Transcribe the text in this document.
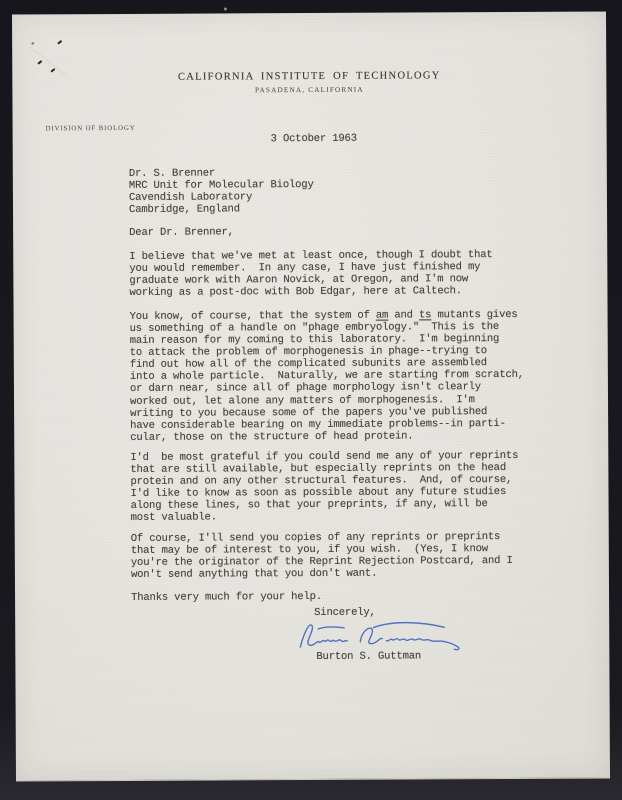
CALIFORNIA INSTITUTE OF TECHNOLOGY
PASADENA, CALIFORNIA
DIVISION OF BIOLOGY
3 October 1963
Dr. S. Brenner
MRC Unit for Molecular Biology
Cavendish Laboratory
Cambridge, England
Dear Dr. Brenner,
I believe that we've met at least once, though I doubt that
you would remember.  In any case, I have just finished my
graduate work with Aaron Novick, at Oregon, and I'm now
working as a post-doc with Bob Edgar, here at Caltech.
You know, of course, that the system of am and ts mutants gives
us something of a handle on "phage embryology."  This is the
main reason for my coming to this laboratory.  I'm beginning
to attack the problem of morphogenesis in phage--trying to
find out how all of the complicated subunits are assembled
into a whole particle.  Naturally, we are starting from scratch,
or darn near, since all of phage morphology isn't clearly
worked out, let alone any matters of morphogenesis.  I'm
writing to you because some of the papers you've published
have considerable bearing on my immediate problems--in parti-
cular, those on the structure of head protein.
I'd  be most grateful if you could send me any of your reprints
that are still available, but especially reprints on the head
protein and on any other structural features.  And, of course,
I'd like to know as soon as possible about any future studies
along these lines, so that your preprints, if any, will be
most valuable.
Of course, I'll send you copies of any reprints or preprints
that may be of interest to you, if you wish.  (Yes, I know
you're the originator of the Reprint Rejection Postcard, and I
won't send anything that you don't want.
Thanks very much for your help.
Sincerely,
Burton S. Guttman
